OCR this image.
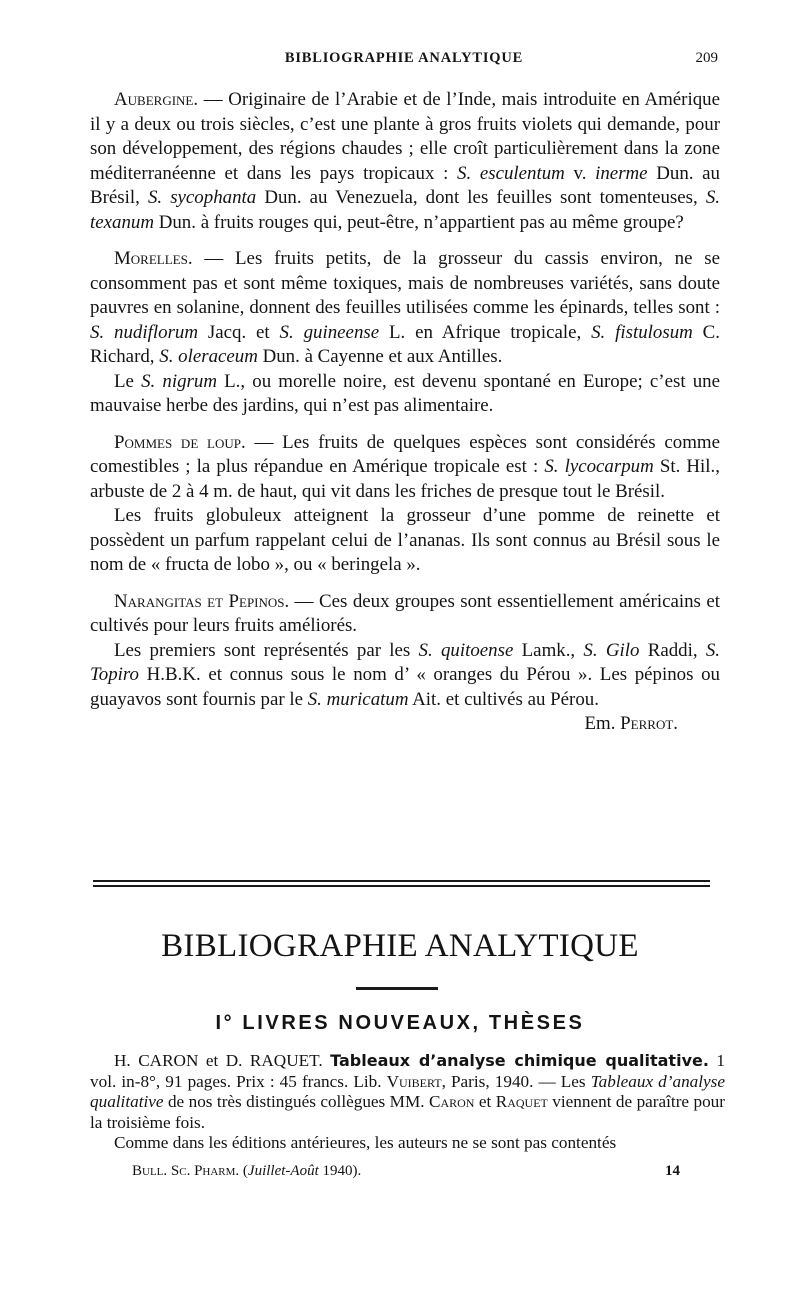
BIBLIOGRAPHIE ANALYTIQUE	209

Aubergine. — Originaire de l’Arabie et de l’Inde, mais introduite en Amérique il y a deux ou trois siècles, c’est une plante à gros fruits violets qui demande, pour son développement, des régions chaudes ; elle croît particulièrement dans la zone méditerranéenne et dans les pays tropicaux : S. esculentum v. inerme Dun. au Brésil, S. sycophanta Dun. au Venezuela, dont les feuilles sont tomenteuses, S. texanum Dun. à fruits rouges qui, peut-être, n’appartient pas au même groupe?

Morelles. — Les fruits petits, de la grosseur du cassis environ, ne se consomment pas et sont même toxiques, mais de nombreuses variétés, sans doute pauvres en solanine, donnent des feuilles utilisées comme les épinards, telles sont : S. nudiflorum Jacq. et S. guineense L. en Afrique tropicale, S. fistulosum C. Richard, S. oleraceum Dun. à Cayenne et aux Antilles.

Le S. nigrum L., ou morelle noire, est devenu spontané en Europe; c’est une mauvaise herbe des jardins, qui n’est pas alimentaire.

Pommes de loup. — Les fruits de quelques espèces sont considérés comme comestibles ; la plus répandue en Amérique tropicale est : S. lycocarpum St. Hil., arbuste de 2 à 4 m. de haut, qui vit dans les friches de presque tout le Brésil.

Les fruits globuleux atteignent la grosseur d’une pomme de reinette et possèdent un parfum rappelant celui de l’ananas. Ils sont connus au Brésil sous le nom de « fructa de lobo », ou « beringela ».

Narangitas et Pepinos. — Ces deux groupes sont essentiellement américains et cultivés pour leurs fruits améliorés.

Les premiers sont représentés par les S. quitoense Lamk., S. Gilo Raddi, S. Topiro H.B.K. et connus sous le nom d’ « oranges du Pérou ». Les pépinos ou guayavos sont fournis par le S. muricatum Ait. et cultivés au Pérou.

Em. Perrot.
BIBLIOGRAPHIE ANALYTIQUE
I° LIVRES NOUVEAUX, THÈSES

H. CARON et D. RAQUET. Tableaux d’analyse chimique qualitative. 1 vol. in-8°, 91 pages. Prix : 45 francs. Lib. Vuibert, Paris, 1940. — Les Tableaux d’analyse qualitative de nos très distingués collègues MM. Caron et Raquet viennent de paraître pour la troisième fois.

Comme dans les éditions antérieures, les auteurs ne se sont pas contentés

Bull. Sc. Pharm. (Juillet-Août 1940).	14
